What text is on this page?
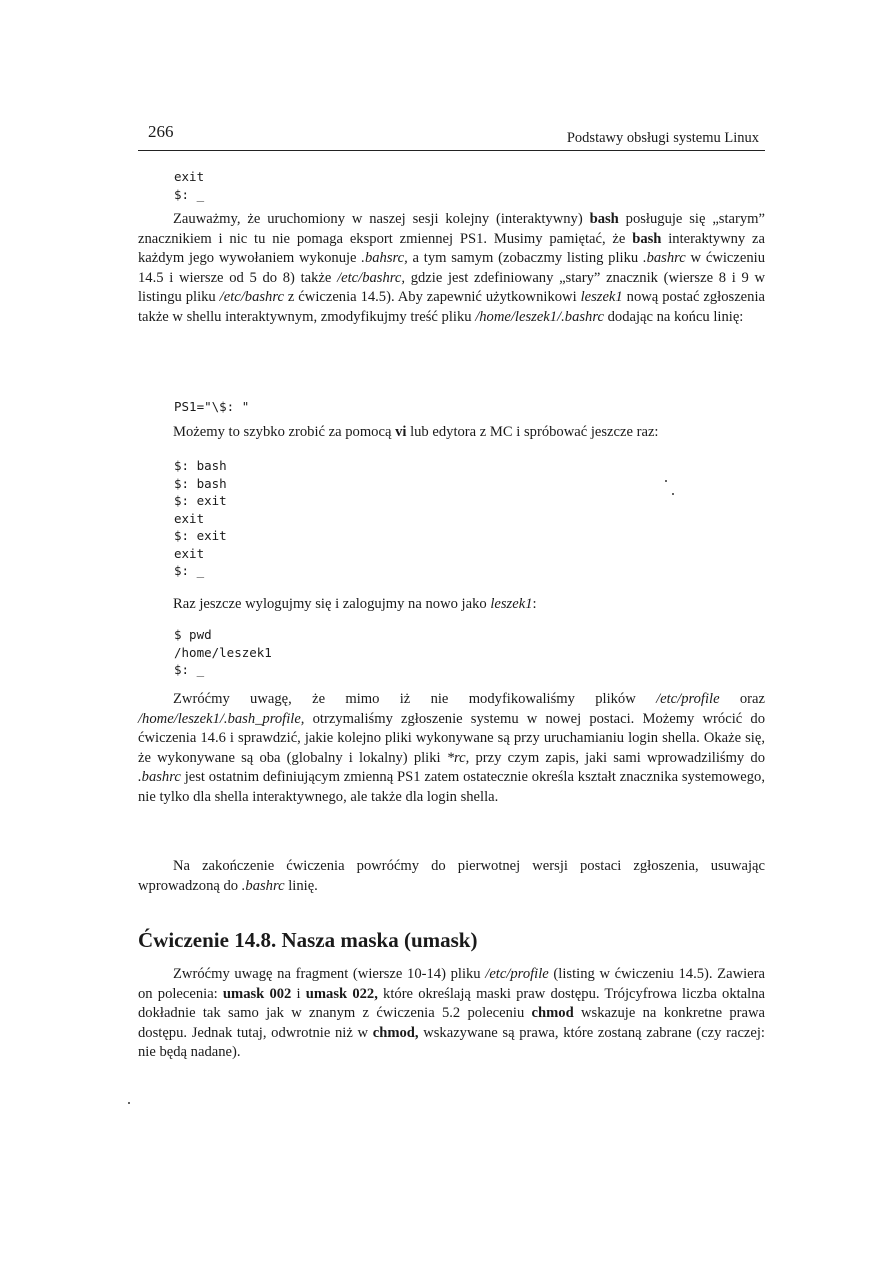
266	Podstawy obsługi systemu Linux
exit
$: _

Zauważmy, że uruchomiony w naszej sesji kolejny (interaktywny) bash posługuje się „starym” znacznikiem i nic tu nie pomaga eksport zmiennej PS1. Musimy pamiętać, że bash interaktywny za każdym jego wywołaniem wykonuje .bahsrc, a tym samym (zobaczmy listing pliku .bashrc w ćwiczeniu 14.5 i wiersze od 5 do 8) także /etc/bashrc, gdzie jest zdefiniowany „stary” znacznik (wiersze 8 i 9 w listingu pliku /etc/bashrc z ćwiczenia 14.5). Aby zapewnić użytkownikowi leszek1 nową postać zgłoszenia także w shellu interaktywnym, zmodyfikujmy treść pliku /home/leszek1/.bashrc dodając na końcu linię:

PS1="\$: "

Możemy to szybko zrobić za pomocą vi lub edytora z MC i spróbować jeszcze raz:

$: bash
$: bash
$: exit
exit
$: exit
exit
$: _

Raz jeszcze wylogujmy się i zalogujmy na nowo jako leszek1:

$ pwd
/home/leszek1
$: _

Zwróćmy uwagę, że mimo iż nie modyfikowaliśmy plików /etc/profile oraz /home/leszek1/.bash_profile, otrzymaliśmy zgłoszenie systemu w nowej postaci. Możemy wrócić do ćwiczenia 14.6 i sprawdzić, jakie kolejno pliki wykonywane są przy uruchamianiu login shella. Okaże się, że wykonywane są oba (globalny i lokalny) pliki *rc, przy czym zapis, jaki sami wprowadziliśmy do .bashrc jest ostatnim definiującym zmienną PS1 zatem ostatecznie określa kształt znacznika systemowego, nie tylko dla shella interaktywnego, ale także dla login shella.

Na zakończenie ćwiczenia powróćmy do pierwotnej wersji postaci zgłoszenia, usuwając wprowadzoną do .bashrc linię.

Ćwiczenie 14.8. Nasza maska (umask)

Zwróćmy uwagę na fragment (wiersze 10-14) pliku /etc/profile (listing w ćwiczeniu 14.5). Zawiera on polecenia: umask 002 i umask 022, które określają maski praw dostępu. Trójcyfrowa liczba oktalna dokładnie tak samo jak w znanym z ćwiczenia 5.2 poleceniu chmod wskazuje na konkretne prawa dostępu. Jednak tutaj, odwrotnie niż w chmod, wskazywane są prawa, które zostaną zabrane (czy raczej: nie będą nadane).
